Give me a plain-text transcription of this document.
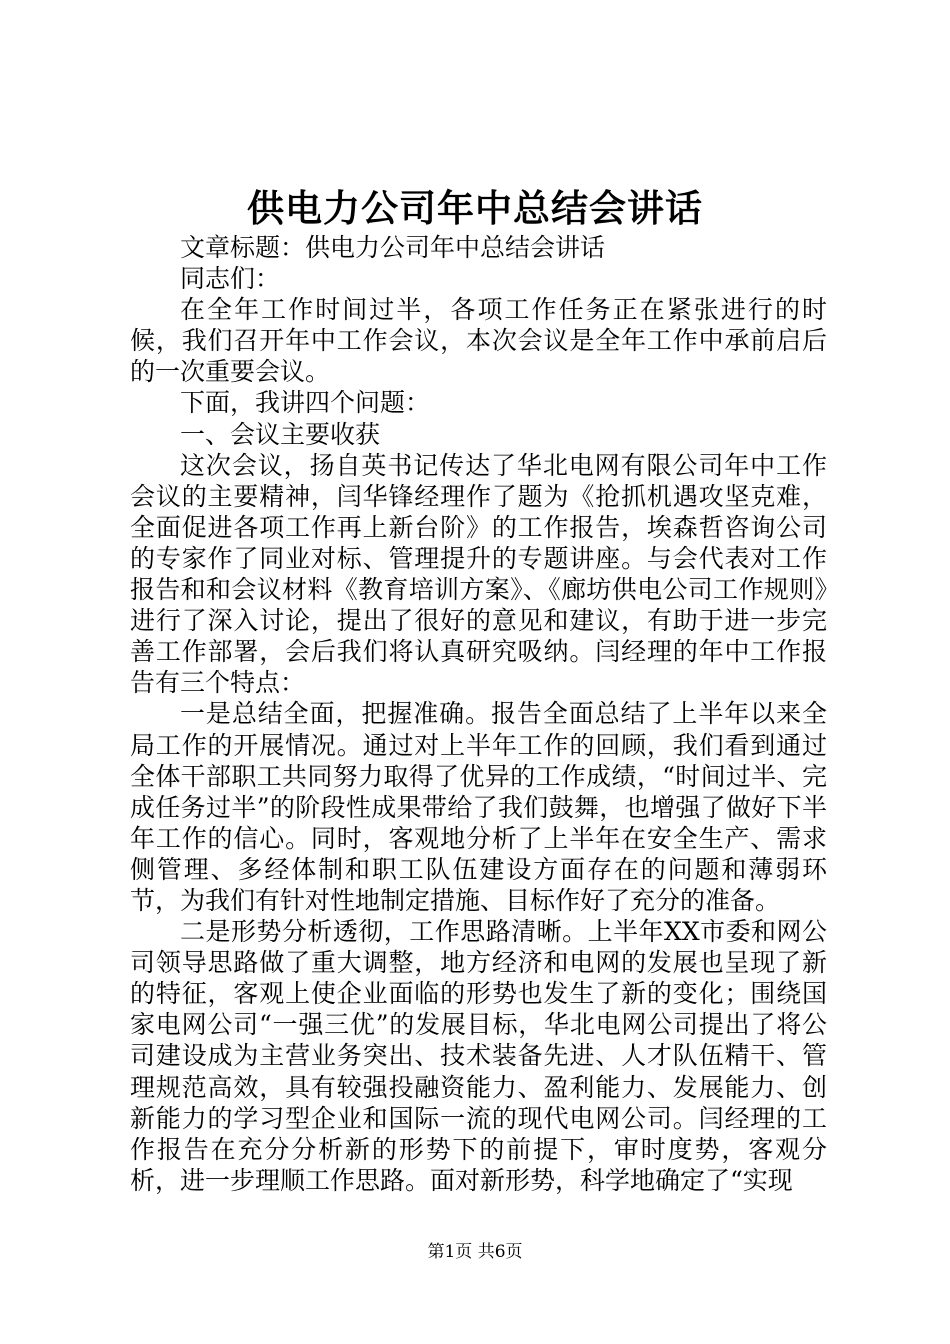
供电力公司年中总结会讲话

文章标题：供电力公司年中总结会讲话

同志们：

在全年工作时间过半，各项工作任务正在紧张进行的时候，我们召开年中工作会议，本次会议是全年工作中承前启后的一次重要会议。

下面，我讲四个问题：

一、会议主要收获

这次会议，扬自英书记传达了华北电网有限公司年中工作会议的主要精神，闫华锋经理作了题为《抢抓机遇攻坚克难，全面促进各项工作再上新台阶》的工作报告，埃森哲咨询公司的专家作了同业对标、管理提升的专题讲座。与会代表对工作报告和和会议材料《教育培训方案》、《廊坊供电公司工作规则》进行了深入讨论，提出了很好的意见和建议，有助于进一步完善工作部署，会后我们将认真研究吸纳。闫经理的年中工作报告有三个特点：

一是总结全面，把握准确。报告全面总结了上半年以来全局工作的开展情况。通过对上半年工作的回顾，我们看到通过全体干部职工共同努力取得了优异的工作成绩，“时间过半、完成任务过半”的阶段性成果带给了我们鼓舞，也增强了做好下半年工作的信心。同时，客观地分析了上半年在安全生产、需求侧管理、多经体制和职工队伍建设方面存在的问题和薄弱环节，为我们有针对性地制定措施、目标作好了充分的准备。

二是形势分析透彻，工作思路清晰。上半年XX市委和网公司领导思路做了重大调整，地方经济和电网的发展也呈现了新的特征，客观上使企业面临的形势也发生了新的变化；围绕国家电网公司“一强三优”的发展目标，华北电网公司提出了将公司建设成为主营业务突出、技术装备先进、人才队伍精干、管理规范高效，具有较强投融资能力、盈利能力、发展能力、创新能力的学习型企业和国际一流的现代电网公司。闫经理的工作报告在充分分析新的形势下的前提下，审时度势，客观分析，进一步理顺工作思路。面对新形势，科学地确定了“实现

第1页 共6页
